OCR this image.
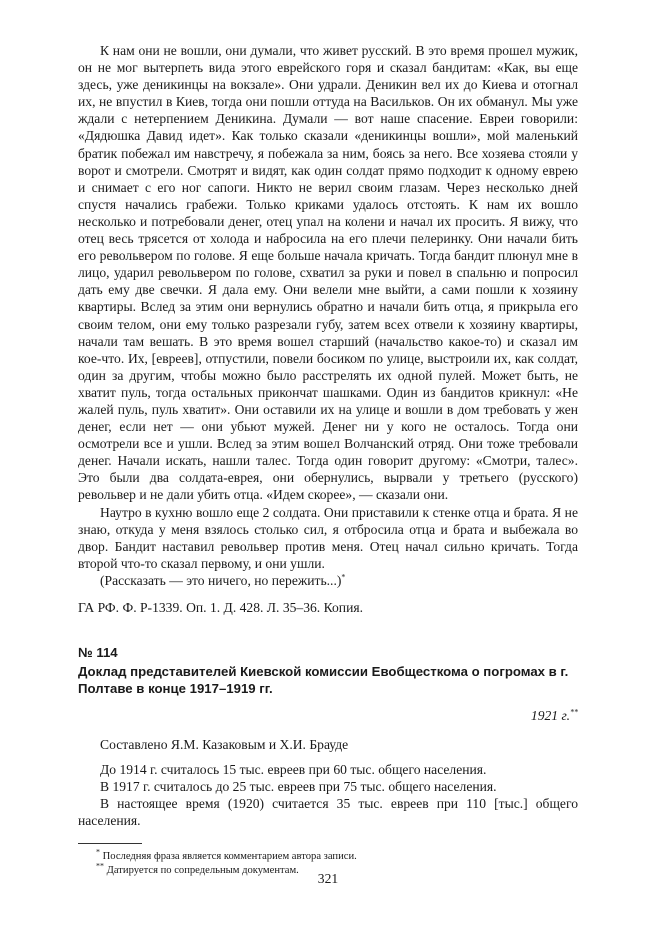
К нам они не вошли, они думали, что живет русский. В это время прошел мужик, он не мог вытерпеть вида этого еврейского горя и сказал бандитам: «Как, вы еще здесь, уже деникинцы на вокзале». Они удрали. Деникин вел их до Киева и отогнал их, не впустил в Киев, тогда они пошли оттуда на Васильков. Он их обманул. Мы уже ждали с нетерпением Деникина. Думали — вот наше спасение. Евреи говорили: «Дядюшка Давид идет». Как только сказали «деникинцы вошли», мой маленький братик побежал им навстречу, я побежала за ним, боясь за него. Все хозяева стояли у ворот и смотрели. Смотрят и видят, как один солдат прямо подходит к одному еврею и снимает с его ног сапоги. Никто не верил своим глазам. Через несколько дней спустя начались грабежи. Только криками удалось отстоять. К нам их вошло несколько и потребовали денег, отец упал на колени и начал их просить. Я вижу, что отец весь трясется от холода и набросила на его плечи пелеринку. Они начали бить его револьвером по голове. Я еще больше начала кричать. Тогда бандит плюнул мне в лицо, ударил револьвером по голове, схватил за руки и повел в спальню и попросил дать ему две свечки. Я дала ему. Они велели мне выйти, а сами пошли к хозяину квартиры. Вслед за этим они вернулись обратно и начали бить отца, я прикрыла его своим телом, они ему только разрезали губу, затем всех отвели к хозяину квартиры, начали там вешать. В это время вошел старший (начальство какое-то) и сказал им кое-что. Их, [евреев], отпустили, повели босиком по улице, выстроили их, как солдат, один за другим, чтобы можно было расстрелять их одной пулей. Может быть, не хватит пуль, тогда остальных прикончат шашками. Один из бандитов крикнул: «Не жалей пуль, пуль хватит». Они оставили их на улице и вошли в дом требовать у жен денег, если нет — они убьют мужей. Денег ни у кого не осталось. Тогда они осмотрели все и ушли. Вслед за этим вошел Волчанский отряд. Они тоже требовали денег. Начали искать, нашли талес. Тогда один говорит другому: «Смотри, талес». Это были два солдата-еврея, они обернулись, вырвали у третьего (русского) револьвер и не дали убить отца. «Идем скорее», — сказали они.

Наутро в кухню вошло еще 2 солдата. Они приставили к стенке отца и брата. Я не знаю, откуда у меня взялось столько сил, я отбросила отца и брата и выбежала во двор. Бандит наставил револьвер против меня. Отец начал сильно кричать. Тогда второй что-то сказал первому, и они ушли.

(Рассказать — это ничего, но пережить...)*

ГА РФ. Ф. Р-1339. Оп. 1. Д. 428. Л. 35–36. Копия.

№ 114

Доклад представителей Киевской комиссии Евобщесткома о погромах в г. Полтаве в конце 1917–1919 гг.

1921 г.**

Составлено Я.М. Казаковым и Х.И. Брауде

До 1914 г. считалось 15 тыс. евреев при 60 тыс. общего населения.

В 1917 г. считалось до 25 тыс. евреев при 75 тыс. общего населения.

В настоящее время (1920) считается 35 тыс. евреев при 110 [тыс.] общего населения.

* Последняя фраза является комментарием автора записи.

** Датируется по сопредельным документам.

321
